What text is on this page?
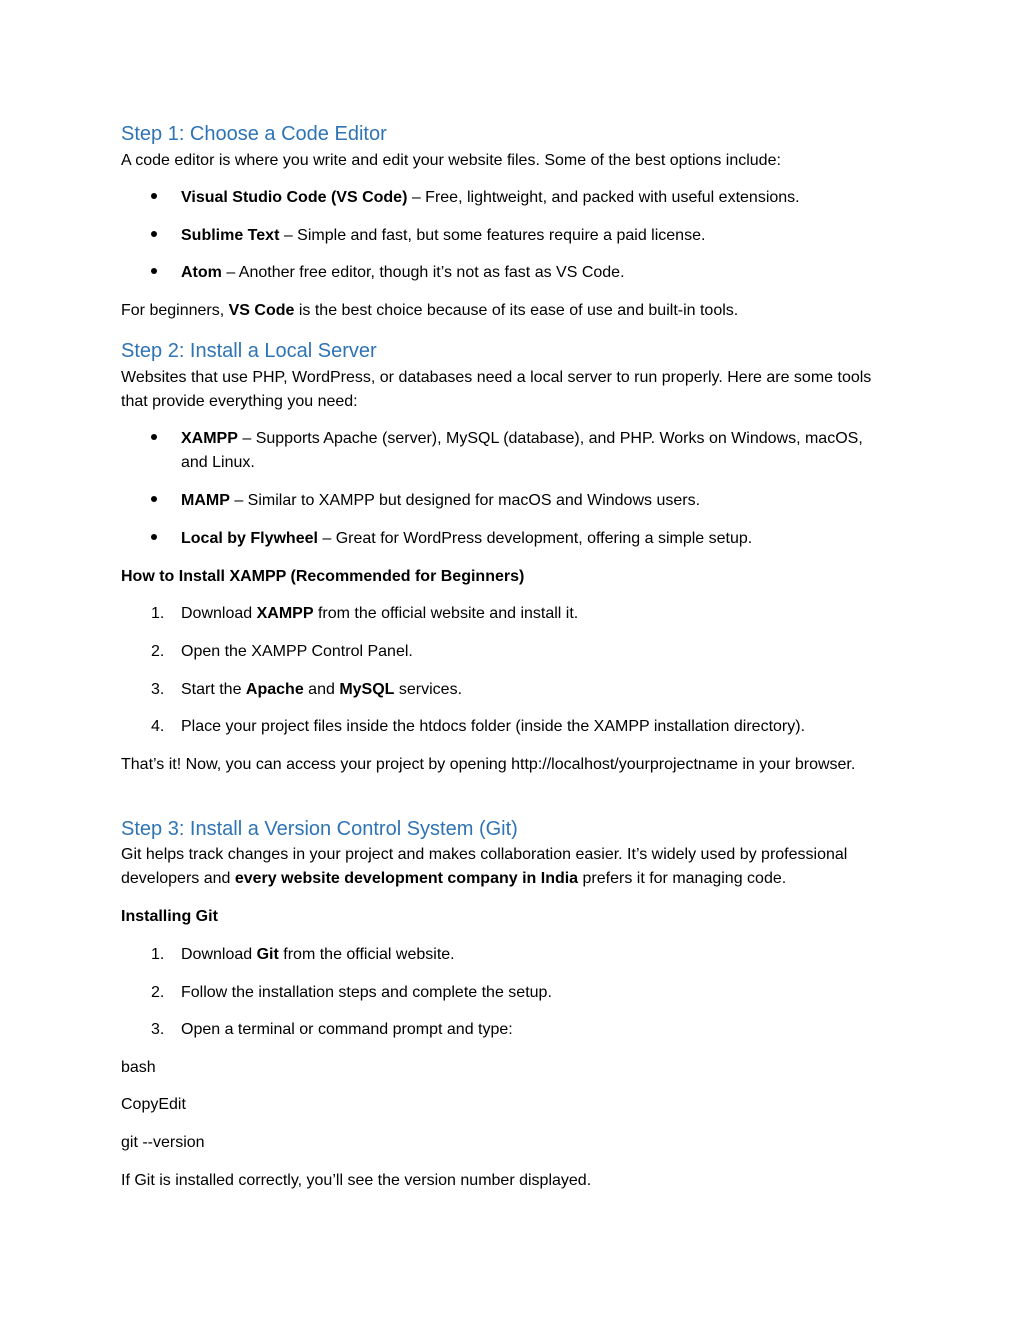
Step 1: Choose a Code Editor
A code editor is where you write and edit your website files. Some of the best options include:
Visual Studio Code (VS Code) – Free, lightweight, and packed with useful extensions.
Sublime Text – Simple and fast, but some features require a paid license.
Atom – Another free editor, though it’s not as fast as VS Code.
For beginners, VS Code is the best choice because of its ease of use and built-in tools.
Step 2: Install a Local Server
Websites that use PHP, WordPress, or databases need a local server to run properly. Here are some tools that provide everything you need:
XAMPP – Supports Apache (server), MySQL (database), and PHP. Works on Windows, macOS, and Linux.
MAMP – Similar to XAMPP but designed for macOS and Windows users.
Local by Flywheel – Great for WordPress development, offering a simple setup.
How to Install XAMPP (Recommended for Beginners)
1.	Download XAMPP from the official website and install it.
2.	Open the XAMPP Control Panel.
3.	Start the Apache and MySQL services.
4.	Place your project files inside the htdocs folder (inside the XAMPP installation directory).
That’s it! Now, you can access your project by opening http://localhost/yourprojectname in your browser.
Step 3: Install a Version Control System (Git)
Git helps track changes in your project and makes collaboration easier. It’s widely used by professional developers and every website development company in India prefers it for managing code.
Installing Git
1.	Download Git from the official website.
2.	Follow the installation steps and complete the setup.
3.	Open a terminal or command prompt and type:
bash
CopyEdit
git --version
If Git is installed correctly, you’ll see the version number displayed.
